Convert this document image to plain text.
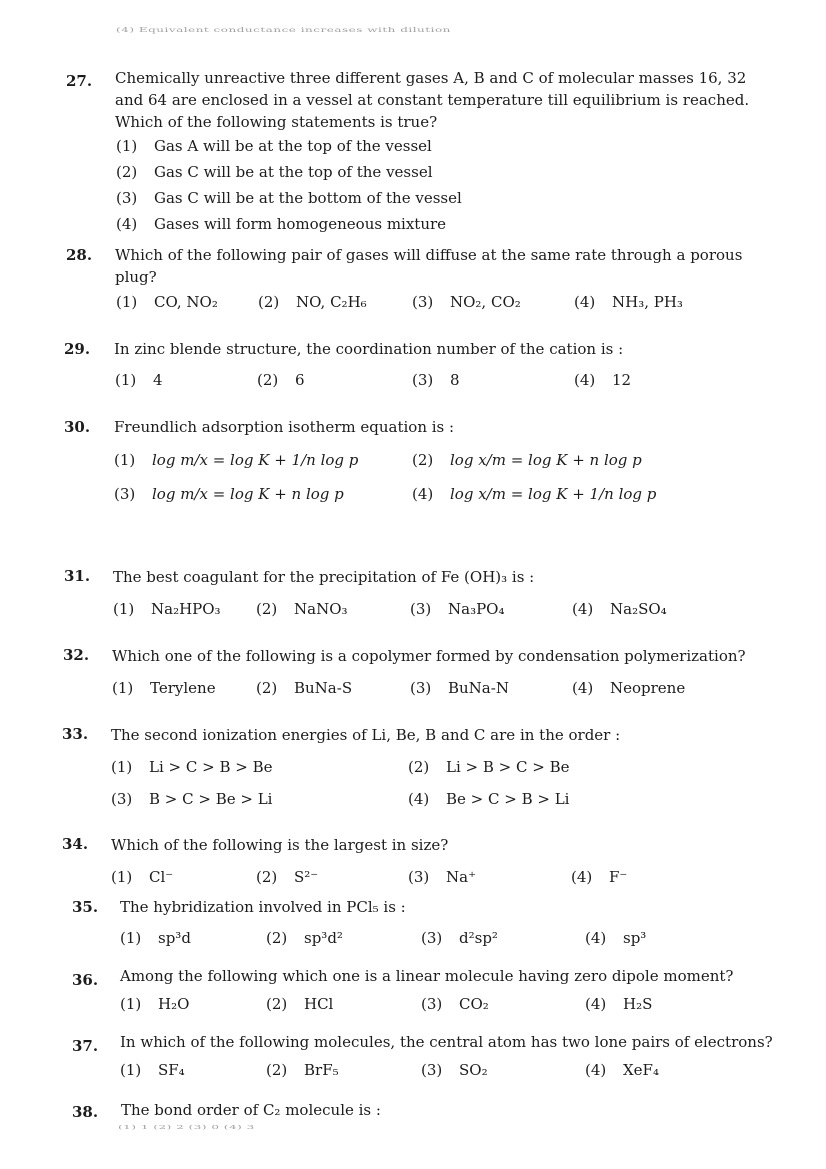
(4) Equivalent conductance increases with dilution
27. Chemically unreactive three different gases A, B and C of molecular masses 16, 32
and 64 are enclosed in a vessel at constant temperature till equilibrium is reached.
Which of the following statements is true?
(1) Gas A will be at the top of the vessel
(2) Gas C will be at the top of the vessel
(3) Gas C will be at the bottom of the vessel
(4) Gases will form homogeneous mixture
28. Which of the following pair of gases will diffuse at the same rate through a porous
plug?
(1) CO, NO₂	(2) NO, C₂H₆	(3) NO₂, CO₂	(4) NH₃, PH₃
29. In zinc blende structure, the coordination number of the cation is :
(1) 4	(2) 6	(3) 8	(4) 12
30. Freundlich adsorption isotherm equation is :
(1) log m/x = log K + 1/n log p	(2) log x/m = log K + n log p
(3) log m/x = log K + n log p	(4) log x/m = log K + 1/n log p
31. The best coagulant for the precipitation of Fe (OH)₃ is :
(1) Na₂HPO₃ (2) NaNO₃	(3) Na₃PO₄	(4) Na₂SO₄
32. Which one of the following is a copolymer formed by condensation polymerization?
(1) Terylene	(2) BuNa-S	(3) BuNa-N	(4) Neoprene
33. The second ionization energies of Li, Be, B and C are in the order :
(1) Li > C > B > Be	(2) Li > B > C > Be
(3) B > C > Be > Li	(4) Be > C > B > Li
34. Which of the following is the largest in size?
(1) Cl⁻	(2) S²⁻	(3) Na⁺	(4) F⁻
35. The hybridization involved in PCl₅ is :
(1) sp³d	(2) sp³d²	(3) d²sp²	(4) sp³
36. Among the following which one is a linear molecule having zero dipole moment?
(1) H₂O	(2) HCl	(3) CO₂	(4) H₂S
37. In which of the following molecules, the central atom has two lone pairs of electrons?
(1) SF₄	(2) BrF₅	(3) SO₂	(4) XeF₄
38. The bond order of C₂ molecule is :
(1) 1 (2) 2 (3) 0 (4) 3
